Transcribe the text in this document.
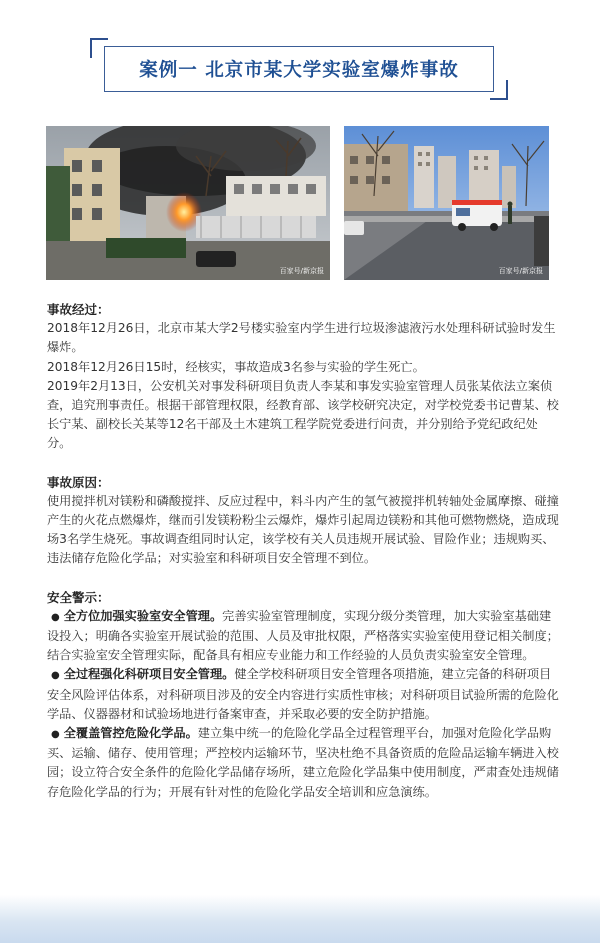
案例一 北京市某大学实验室爆炸事故
百家号/新京报	百家号/新京报

事故经过：

2018年12月26日，北京市某大学2号楼实验室内学生进行垃圾渗滤液污水处理科研试验时发生爆炸。

2018年12月26日15时，经核实，事故造成3名参与实验的学生死亡。

2019年2月13日，公安机关对事发科研项目负责人李某和事发实验室管理人员张某依法立案侦查，追究刑事责任。根据干部管理权限，经教育部、该学校研究决定，对学校党委书记曹某、校长宁某、副校长关某等12名干部及土木建筑工程学院党委进行问责，并分别给予党纪政纪处分。

事故原因：

使用搅拌机对镁粉和磷酸搅拌、反应过程中，料斗内产生的氢气被搅拌机转轴处金属摩擦、碰撞产生的火花点燃爆炸，继而引发镁粉粉尘云爆炸，爆炸引起周边镁粉和其他可燃物燃烧，造成现场3名学生烧死。事故调查组同时认定，该学校有关人员违规开展试验、冒险作业；违规购买、违法储存危险化学品；对实验室和科研项目安全管理不到位。

安全警示：

● 全方位加强实验室安全管理。完善实验室管理制度，实现分级分类管理，加大实验室基础建设投入；明确各实验室开展试验的范围、人员及审批权限，严格落实实验室使用登记相关制度；结合实验室安全管理实际，配备具有相应专业能力和工作经验的人员负责实验室安全管理。

● 全过程强化科研项目安全管理。健全学校科研项目安全管理各项措施，建立完备的科研项目安全风险评估体系，对科研项目涉及的安全内容进行实质性审核；对科研项目试验所需的危险化学品、仪器器材和试验场地进行备案审查，并采取必要的安全防护措施。

● 全覆盖管控危险化学品。建立集中统一的危险化学品全过程管理平台，加强对危险化学品购买、运输、储存、使用管理；严控校内运输环节，坚决杜绝不具备资质的危险品运输车辆进入校园；设立符合安全条件的危险化学品储存场所，建立危险化学品集中使用制度，严肃查处违规储存危险化学品的行为；开展有针对性的危险化学品安全培训和应急演练。
